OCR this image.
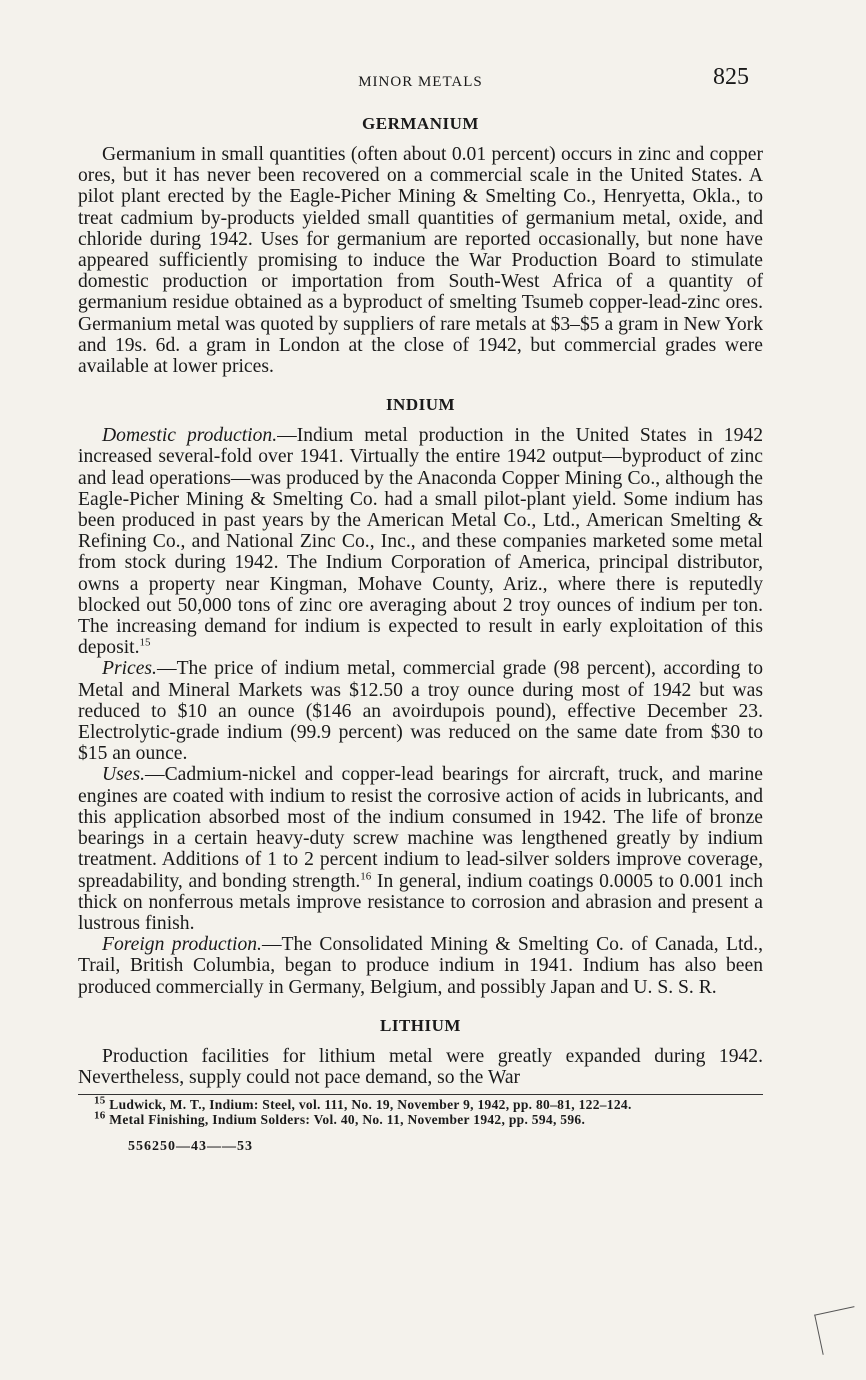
MINOR METALS	825
GERMANIUM

Germanium in small quantities (often about 0.01 percent) occurs in zinc and copper ores, but it has never been recovered on a commercial scale in the United States. A pilot plant erected by the Eagle-Picher Mining & Smelting Co., Henryetta, Okla., to treat cadmium by-products yielded small quantities of germanium metal, oxide, and chloride during 1942. Uses for germanium are reported occasionally, but none have appeared sufficiently promising to induce the War Production Board to stimulate domestic production or importation from South-West Africa of a quantity of germanium residue obtained as a byproduct of smelting Tsumeb copper-lead-zinc ores. Germanium metal was quoted by suppliers of rare metals at $3–$5 a gram in New York and 19s. 6d. a gram in London at the close of 1942, but commercial grades were available at lower prices.

INDIUM

Domestic production.—Indium metal production in the United States in 1942 increased several-fold over 1941. Virtually the entire 1942 output—byproduct of zinc and lead operations—was produced by the Anaconda Copper Mining Co., although the Eagle-Picher Mining & Smelting Co. had a small pilot-plant yield. Some indium has been produced in past years by the American Metal Co., Ltd., American Smelting & Refining Co., and National Zinc Co., Inc., and these companies marketed some metal from stock during 1942. The Indium Corporation of America, principal distributor, owns a property near Kingman, Mohave County, Ariz., where there is reputedly blocked out 50,000 tons of zinc ore averaging about 2 troy ounces of indium per ton. The increasing demand for indium is expected to result in early exploitation of this deposit.$^{15}$

Prices.—The price of indium metal, commercial grade (98 percent), according to Metal and Mineral Markets was $12.50 a troy ounce during most of 1942 but was reduced to $10 an ounce ($146 an avoirdupois pound), effective December 23. Electrolytic-grade indium (99.9 percent) was reduced on the same date from $30 to $15 an ounce.

Uses.—Cadmium-nickel and copper-lead bearings for aircraft, truck, and marine engines are coated with indium to resist the corrosive action of acids in lubricants, and this application absorbed most of the indium consumed in 1942. The life of bronze bearings in a certain heavy-duty screw machine was lengthened greatly by indium treatment. Additions of 1 to 2 percent indium to lead-silver solders improve coverage, spreadability, and bonding strength.$^{16}$ In general, indium coatings 0.0005 to 0.001 inch thick on nonferrous metals improve resistance to corrosion and abrasion and present a lustrous finish.

Foreign production.—The Consolidated Mining & Smelting Co. of Canada, Ltd., Trail, British Columbia, began to produce indium in 1941. Indium has also been produced commercially in Germany, Belgium, and possibly Japan and U. S. S. R.

LITHIUM

Production facilities for lithium metal were greatly expanded during 1942. Nevertheless, supply could not pace demand, so the War

$^{15}$ Ludwick, M. T., Indium: Steel, vol. 111, No. 19, November 9, 1942, pp. 80–81, 122–124.
$^{16}$ Metal Finishing, Indium Solders: Vol. 40, No. 11, November 1942, pp. 594, 596.
556250—43——53
